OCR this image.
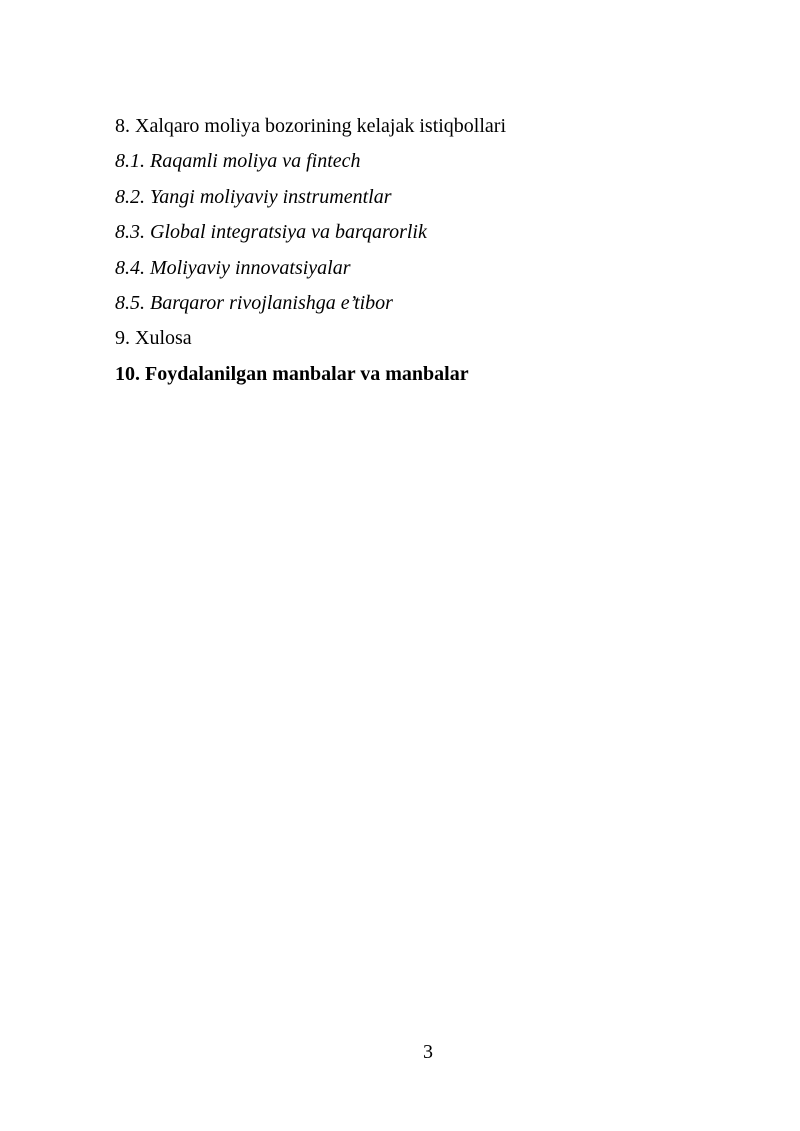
8. Xalqaro moliya bozorining kelajak istiqbollari
8.1. Raqamli moliya va fintech
8.2. Yangi moliyaviy instrumentlar
8.3. Global integratsiya va barqarorlik
8.4. Moliyaviy innovatsiyalar
8.5. Barqaror rivojlanishga e’tibor
9. Xulosa
10. Foydalanilgan manbalar va manbalar
3
